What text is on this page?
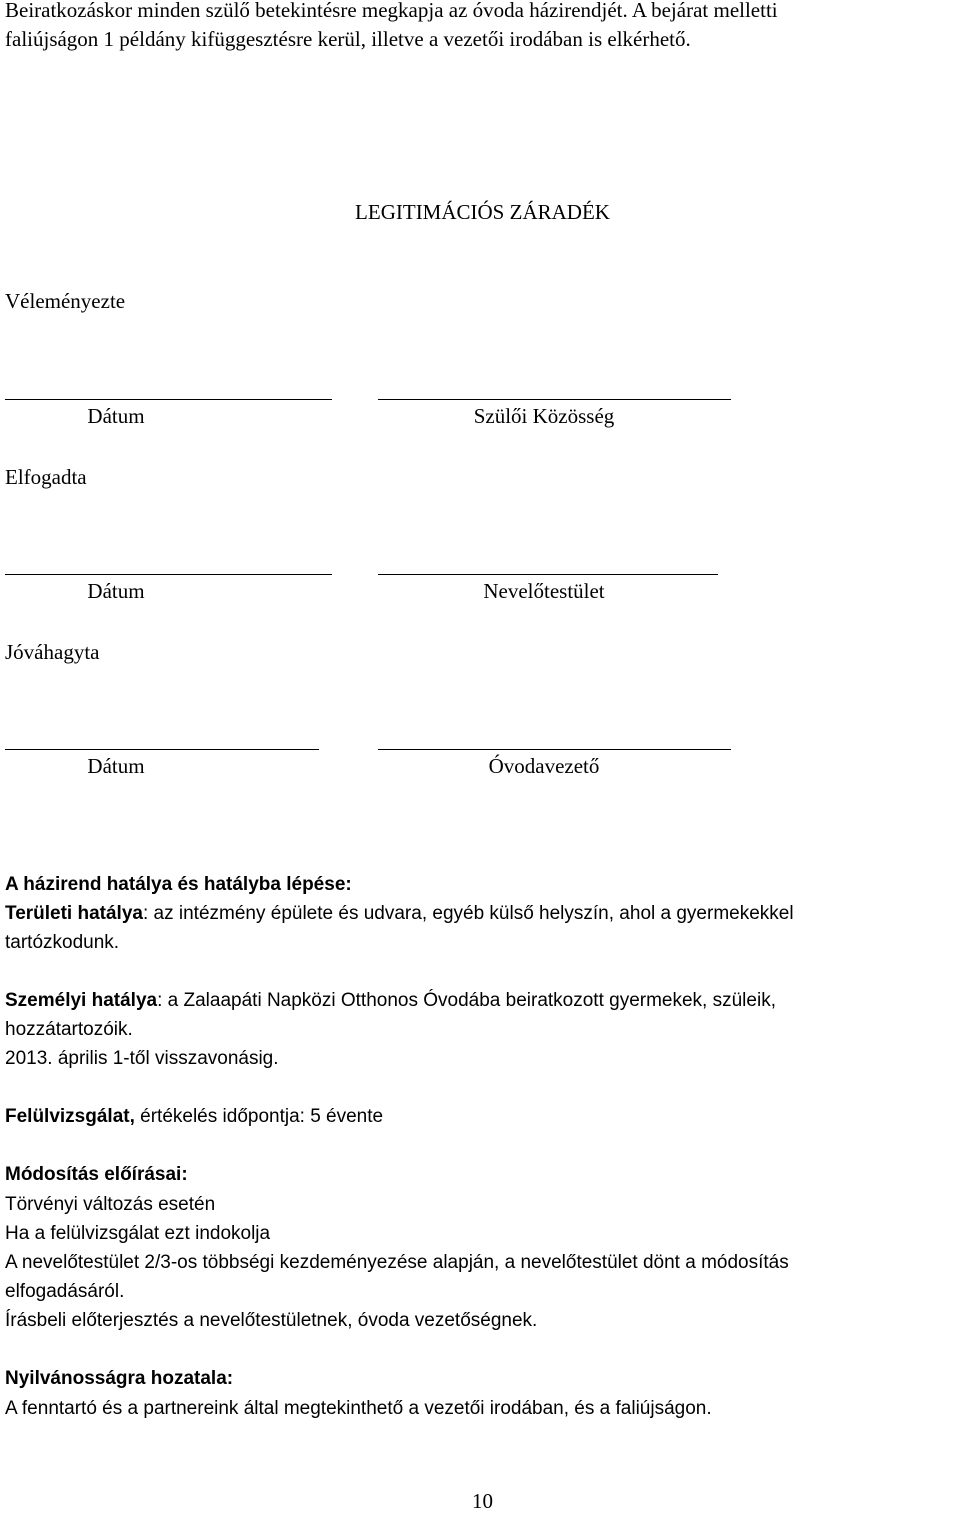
Beiratkozáskor minden szülő betekintésre megkapja az óvoda házirendjét. A bejárat melletti

faliújságon 1 példány kifüggesztésre kerül, illetve a vezetői irodában is elkérhető.

LEGITIMÁCIÓS ZÁRADÉK

Véleményezte

Dátum	Szülői Közösség

Elfogadta

Dátum	Nevelőtestület

Jóváhagyta

Dátum	Óvodavezető

A házirend hatálya és hatályba lépése:

Területi hatálya: az intézmény épülete és udvara, egyéb külső helyszín, ahol a gyermekekkel

tartózkodunk.

Személyi hatálya: a Zalaapáti Napközi Otthonos Óvodába beiratkozott gyermekek, szüleik,

hozzátartozóik.

2013. április 1-től visszavonásig.

Felülvizsgálat, értékelés időpontja: 5 évente

Módosítás előírásai:

Törvényi változás esetén

Ha a felülvizsgálat ezt indokolja

A nevelőtestület 2/3-os többségi kezdeményezése alapján, a nevelőtestület dönt a módosítás

elfogadásáról.

Írásbeli előterjesztés a nevelőtestületnek, óvoda vezetőségnek.

Nyilvánosságra hozatala:

A fenntartó és a partnereink által megtekinthető a vezetői irodában, és a faliújságon.

10
